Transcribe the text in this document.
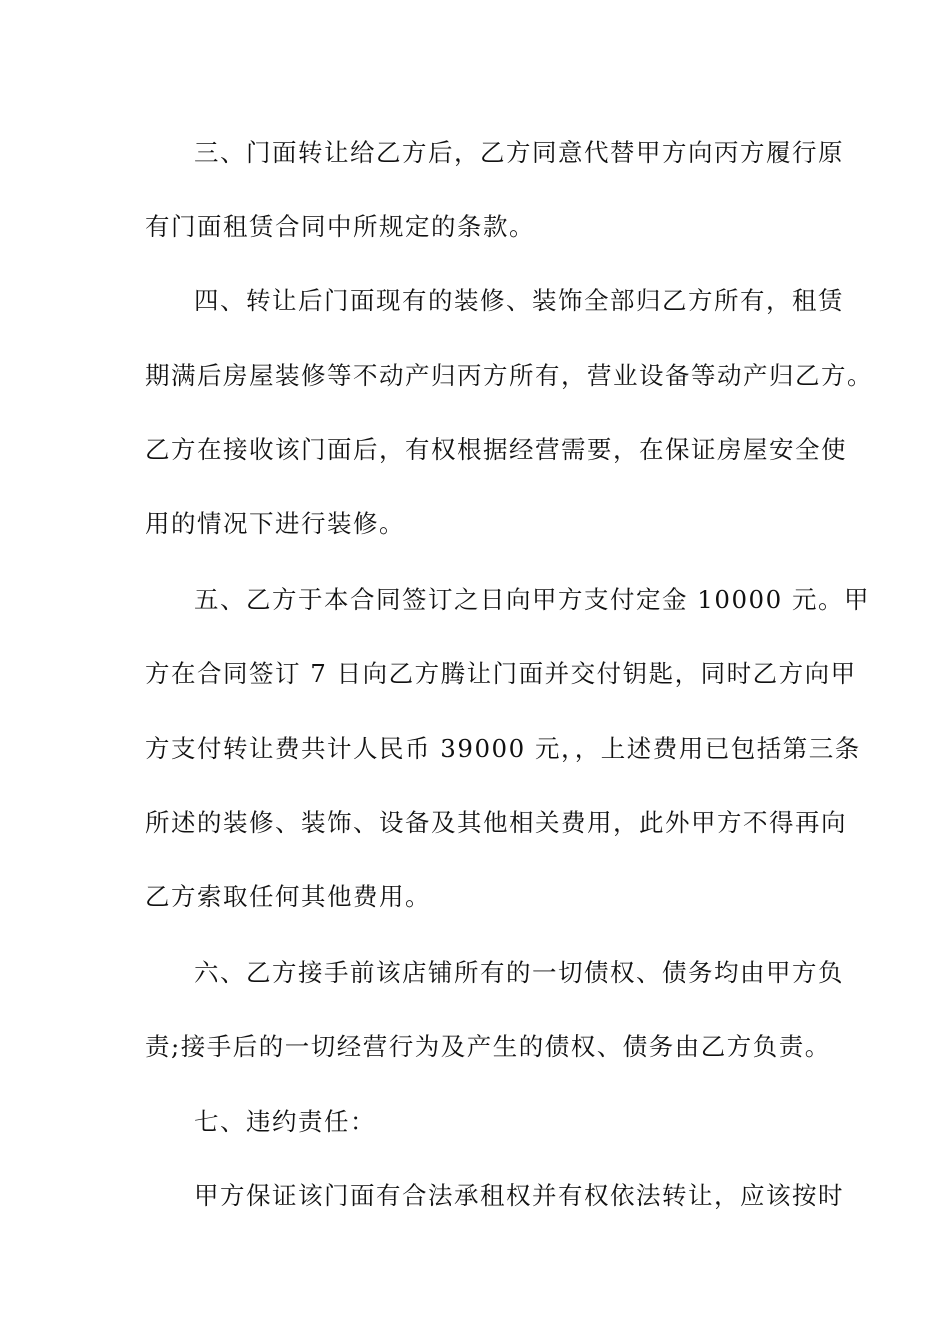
三、门面转让给乙方后，乙方同意代替甲方向丙方履行原
有门面租赁合同中所规定的条款。
四、转让后门面现有的装修、装饰全部归乙方所有，租赁
期满后房屋装修等不动产归丙方所有，营业设备等动产归乙方。
乙方在接收该门面后，有权根据经营需要，在保证房屋安全使
用的情况下进行装修。
五、乙方于本合同签订之日向甲方支付定金 10000 元。甲
方在合同签订 7 日向乙方腾让门面并交付钥匙，同时乙方向甲
方支付转让费共计人民币 39000 元，，上述费用已包括第三条
所述的装修、装饰、设备及其他相关费用，此外甲方不得再向
乙方索取任何其他费用。
六、乙方接手前该店铺所有的一切债权、债务均由甲方负
责;接手后的一切经营行为及产生的债权、债务由乙方负责。
七、违约责任：
甲方保证该门面有合法承租权并有权依法转让，应该按时
